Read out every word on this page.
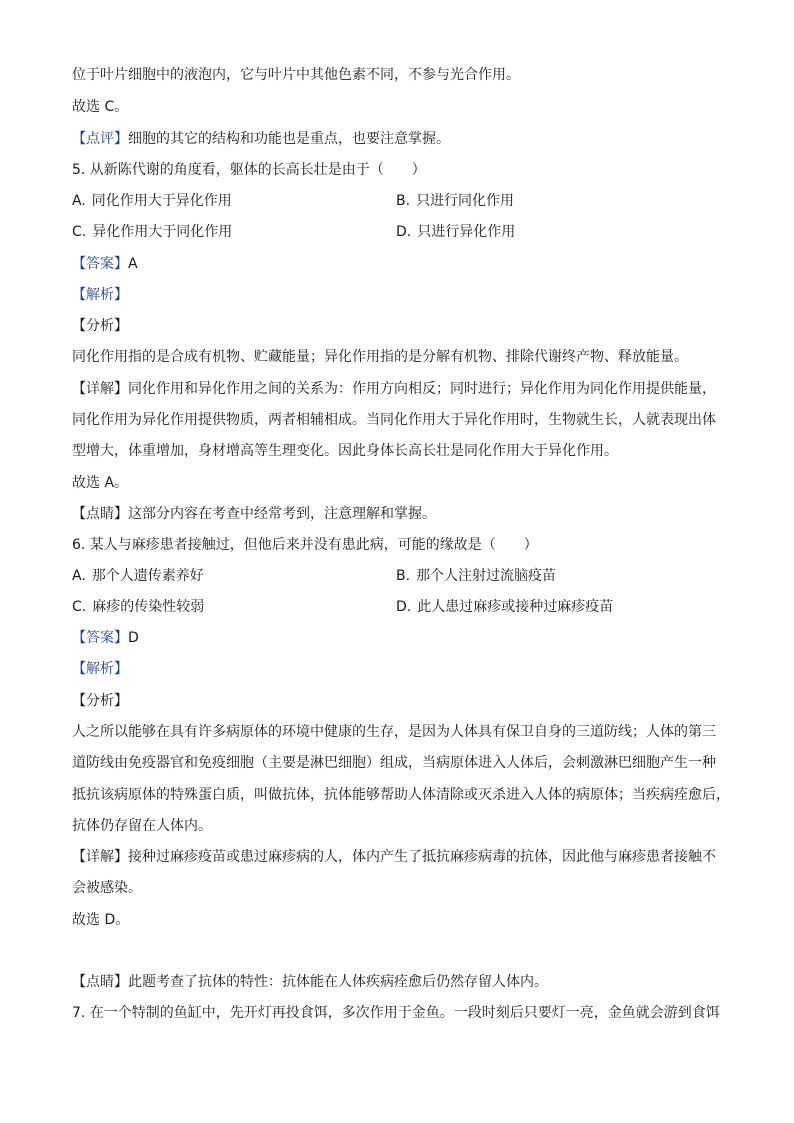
位于叶片细胞中的液泡内，它与叶片中其他色素不同，不参与光合作用。
故选 C。
【点评】细胞的其它的结构和功能也是重点，也要注意掌握。
5. 从新陈代谢的角度看，躯体的长高长壮是由于（　　）
A. 同化作用大于异化作用	B. 只进行同化作用
C. 异化作用大于同化作用	D. 只进行异化作用
【答案】A
【解析】
【分析】
同化作用指的是合成有机物、贮藏能量；异化作用指的是分解有机物、排除代谢终产物、释放能量。
【详解】同化作用和异化作用之间的关系为：作用方向相反；同时进行；异化作用为同化作用提供能量，
同化作用为异化作用提供物质，两者相辅相成。当同化作用大于异化作用时，生物就生长，人就表现出体
型增大，体重增加，身材增高等生理变化。因此身体长高长壮是同化作用大于异化作用。
故选 A。
【点睛】这部分内容在考查中经常考到，注意理解和掌握。
6. 某人与麻疹患者接触过，但他后来并没有患此病，可能的缘故是（　　）
A. 那个人遗传素养好	B. 那个人注射过流脑疫苗
C. 麻疹的传染性较弱	D. 此人患过麻疹或接种过麻疹疫苗
【答案】D
【解析】
【分析】
人之所以能够在具有许多病原体的环境中健康的生存，是因为人体具有保卫自身的三道防线；人体的第三
道防线由免疫器官和免疫细胞（主要是淋巴细胞）组成，当病原体进入人体后，会刺激淋巴细胞产生一种
抵抗该病原体的特殊蛋白质，叫做抗体，抗体能够帮助人体清除或灭杀进入人体的病原体；当疾病痊愈后，
抗体仍存留在人体内。
【详解】接种过麻疹疫苗或患过麻疹病的人，体内产生了抵抗麻疹病毒的抗体，因此他与麻疹患者接触不
会被感染。
故选 D。
【点睛】此题考查了抗体的特性：抗体能在人体疾病痊愈后仍然存留人体内。
7. 在一个特制的鱼缸中，先开灯再投食饵，多次作用于金鱼。一段时刻后只要灯一亮，金鱼就会游到食饵
